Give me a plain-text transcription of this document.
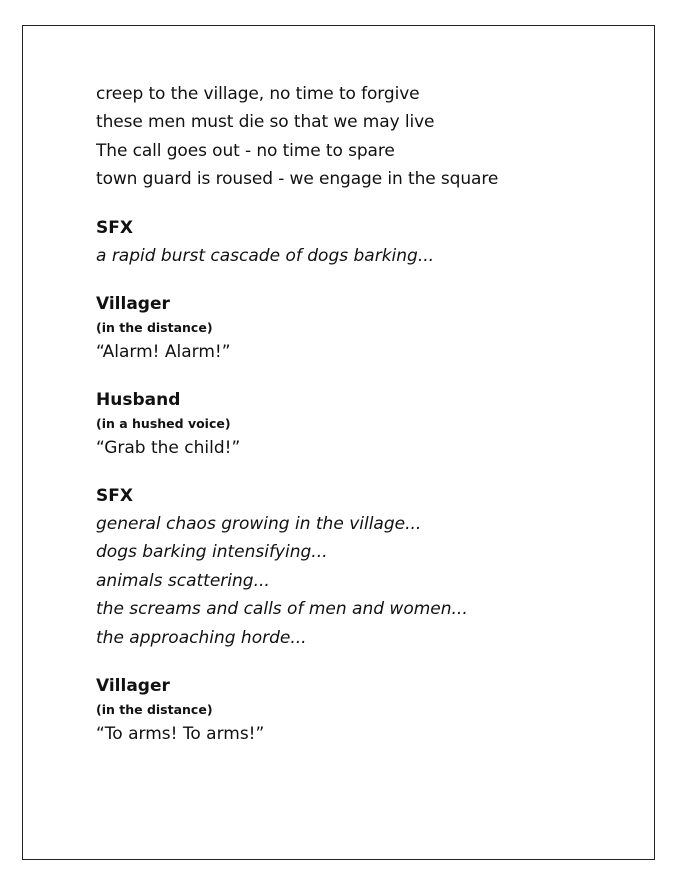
creep to the village, no time to forgive
these men must die so that we may live
The call goes out - no time to spare
town guard is roused - we engage in the square
SFX
a rapid burst cascade of dogs barking...
Villager
(in the distance)
“Alarm! Alarm!”
Husband
(in a hushed voice)
“Grab the child!”
SFX
general chaos growing in the village...
dogs barking intensifying...
animals scattering...
the screams and calls of men and women...
the approaching horde...
Villager
(in the distance)
“To arms! To arms!”
